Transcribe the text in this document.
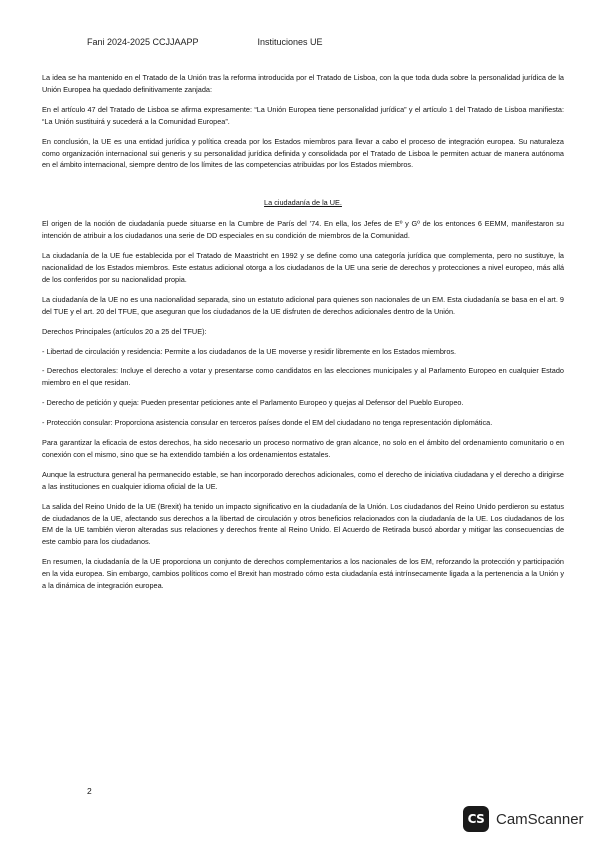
Fani 2024-2025 CCJJAAPP	Instituciones UE

La idea se ha mantenido en el Tratado de la Unión tras la reforma introducida por el Tratado de Lisboa, con la que toda duda sobre la personalidad jurídica de la Unión Europea ha quedado definitivamente zanjada:

En el artículo 47 del Tratado de Lisboa se afirma expresamente: “La Unión Europea tiene personalidad jurídica” y el artículo 1 del Tratado de Lisboa manifiesta: “La Unión sustituirá y sucederá a la Comunidad Europea”.

En conclusión, la UE es una entidad jurídica y política creada por los Estados miembros para llevar a cabo el proceso de integración europea. Su naturaleza como organización internacional sui generis y su personalidad jurídica definida y consolidada por el Tratado de Lisboa le permiten actuar de manera autónoma en el ámbito internacional, siempre dentro de los límites de las competencias atribuidas por los Estados miembros.

La ciudadanía de la UE.

El origen de la noción de ciudadanía puede situarse en la Cumbre de París del ’74. En ella, los Jefes de Eº y Gº de los entonces 6 EEMM, manifestaron su intención de atribuir a los ciudadanos una serie de DD especiales en su condición de miembros de la Comunidad.

La ciudadanía de la UE fue establecida por el Tratado de Maastricht en 1992 y se define como una categoría jurídica que complementa, pero no sustituye, la nacionalidad de los Estados miembros. Este estatus adicional otorga a los ciudadanos de la UE una serie de derechos y protecciones a nivel europeo, más allá de los conferidos por su nacionalidad propia.

La ciudadanía de la UE no es una nacionalidad separada, sino un estatuto adicional para quienes son nacionales de un EM. Esta ciudadanía se basa en el art. 9 del TUE y el art. 20 del TFUE, que aseguran que los ciudadanos de la UE disfruten de derechos adicionales dentro de la Unión.

Derechos Principales (artículos 20 a 25 del TFUE):

- Libertad de circulación y residencia: Permite a los ciudadanos de la UE moverse y residir libremente en los Estados miembros.

- Derechos electorales: Incluye el derecho a votar y presentarse como candidatos en las elecciones municipales y al Parlamento Europeo en cualquier Estado miembro en el que residan.

- Derecho de petición y queja: Pueden presentar peticiones ante el Parlamento Europeo y quejas al Defensor del Pueblo Europeo.

- Protección consular: Proporciona asistencia consular en terceros países donde el EM del ciudadano no tenga representación diplomática.

Para garantizar la eficacia de estos derechos, ha sido necesario un proceso normativo de gran alcance, no solo en el ámbito del ordenamiento comunitario o en conexión con el mismo, sino que se ha extendido también a los ordenamientos estatales.

Aunque la estructura general ha permanecido estable, se han incorporado derechos adicionales, como el derecho de iniciativa ciudadana y el derecho a dirigirse a las instituciones en cualquier idioma oficial de la UE.

La salida del Reino Unido de la UE (Brexit) ha tenido un impacto significativo en la ciudadanía de la Unión. Los ciudadanos del Reino Unido perdieron su estatus de ciudadanos de la UE, afectando sus derechos a la libertad de circulación y otros beneficios relacionados con la ciudadanía de la UE. Los ciudadanos de los EM de la UE también vieron alteradas sus relaciones y derechos frente al Reino Unido. El Acuerdo de Retirada buscó abordar y mitigar las consecuencias de este cambio para los ciudadanos.

En resumen, la ciudadanía de la UE proporciona un conjunto de derechos complementarios a los nacionales de los EM, reforzando la protección y participación en la vida europea. Sin embargo, cambios políticos como el Brexit han mostrado cómo esta ciudadanía está intrínsecamente ligada a la pertenencia a la Unión y a la dinámica de integración europea.

2
CS CamScanner
